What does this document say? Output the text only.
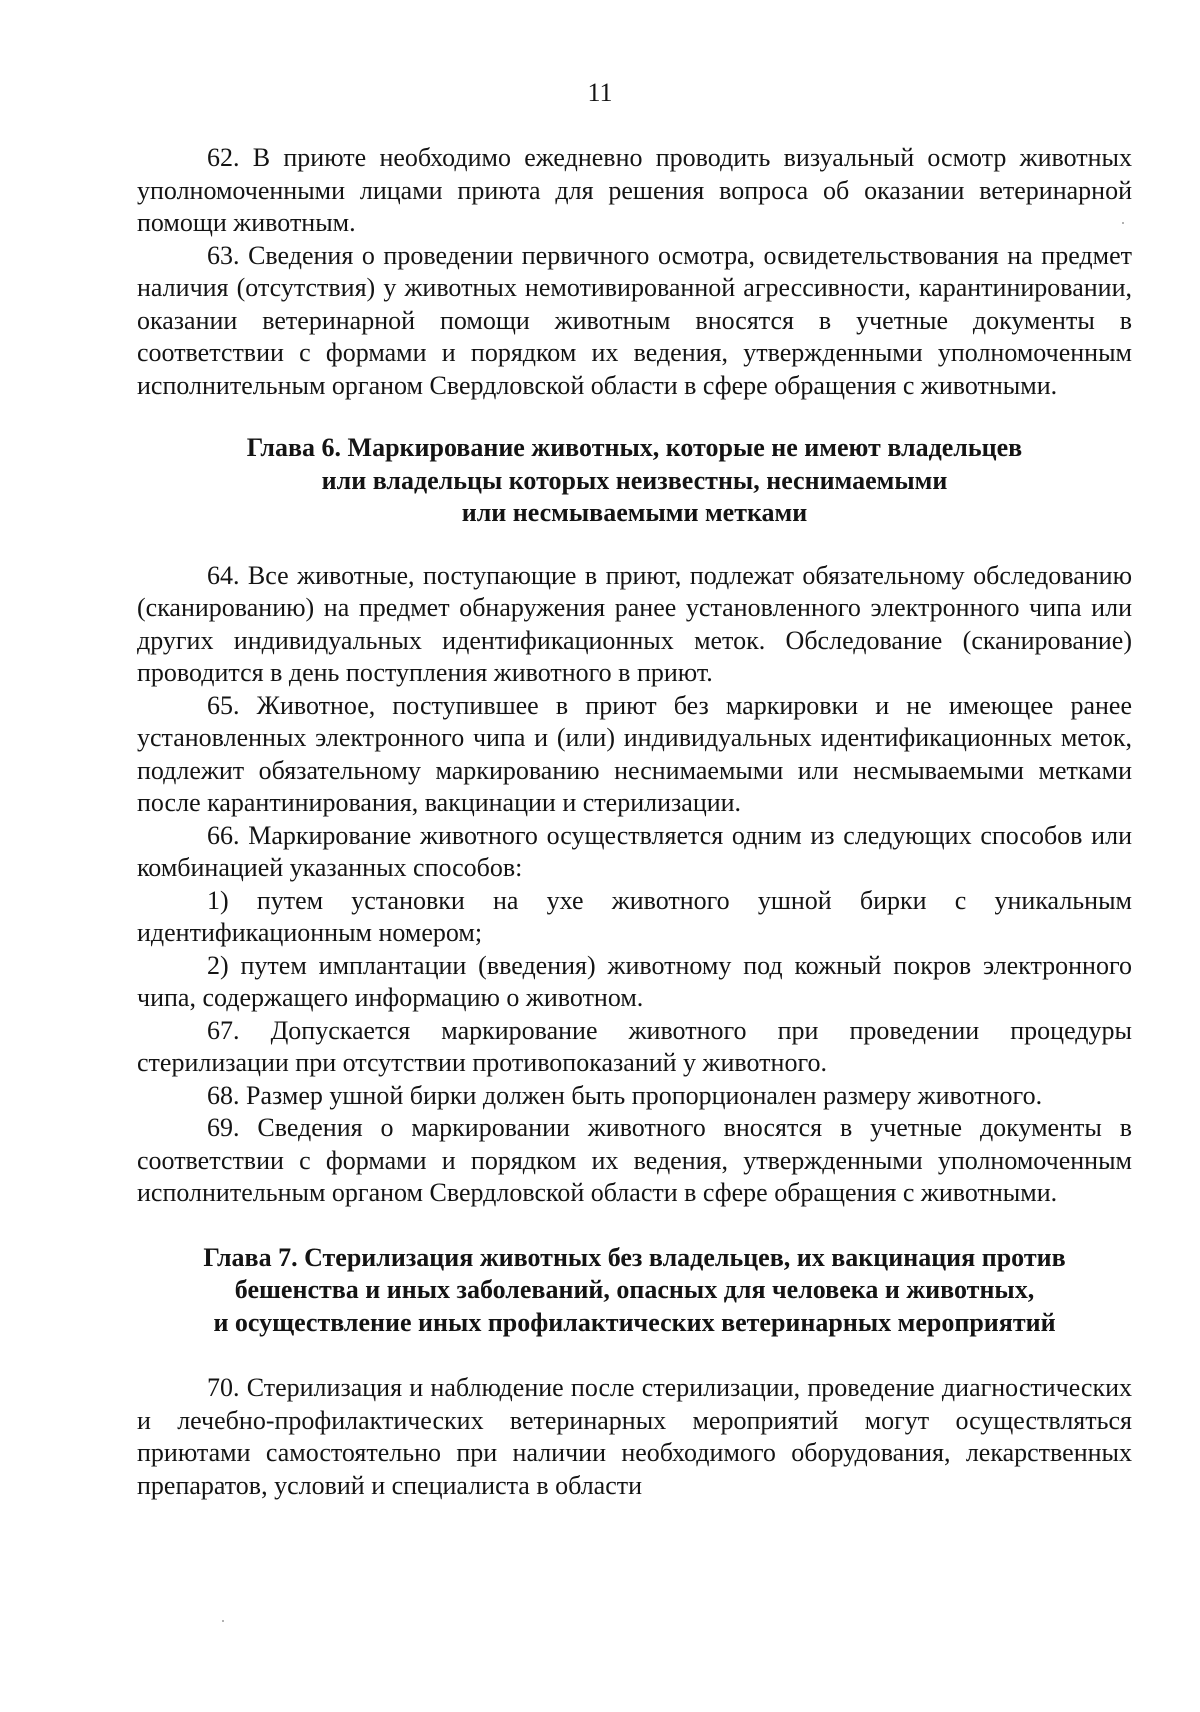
11

62. В приюте необходимо ежедневно проводить визуальный осмотр животных уполномоченными лицами приюта для решения вопроса об оказании ветеринарной помощи животным.

63. Сведения о проведении первичного осмотра, освидетельствования на предмет наличия (отсутствия) у животных немотивированной агрессивности, карантинировании, оказании ветеринарной помощи животным вносятся в учетные документы в соответствии с формами и порядком их ведения, утвержденными уполномоченным исполнительным органом Свердловской области в сфере обращения с животными.

Глава 6. Маркирование животных, которые не имеют владельцев

или владельцы которых неизвестны, неснимаемыми

или несмываемыми метками

64. Все животные, поступающие в приют, подлежат обязательному обследованию (сканированию) на предмет обнаружения ранее установленного электронного чипа или других индивидуальных идентификационных меток. Обследование (сканирование) проводится в день поступления животного в приют.

65. Животное, поступившее в приют без маркировки и не имеющее ранее установленных электронного чипа и (или) индивидуальных идентификационных меток, подлежит обязательному маркированию неснимаемыми или несмываемыми метками после карантинирования, вакцинации и стерилизации.

66. Маркирование животного осуществляется одним из следующих способов или комбинацией указанных способов:

1) путем установки на ухе животного ушной бирки с уникальным идентификационным номером;

2) путем имплантации (введения) животному под кожный покров электронного чипа, содержащего информацию о животном.

67. Допускается маркирование животного при проведении процедуры стерилизации при отсутствии противопоказаний у животного.

68. Размер ушной бирки должен быть пропорционален размеру животного.

69. Сведения о маркировании животного вносятся в учетные документы в соответствии с формами и порядком их ведения, утвержденными уполномоченным исполнительным органом Свердловской области в сфере обращения с животными.

Глава 7. Стерилизация животных без владельцев, их вакцинация против

бешенства и иных заболеваний, опасных для человека и животных,

и осуществление иных профилактических ветеринарных мероприятий

70. Стерилизация и наблюдение после стерилизации, проведение диагностических и лечебно-профилактических ветеринарных мероприятий могут осуществляться приютами самостоятельно при наличии необходимого оборудования, лекарственных препаратов, условий и специалиста в области
